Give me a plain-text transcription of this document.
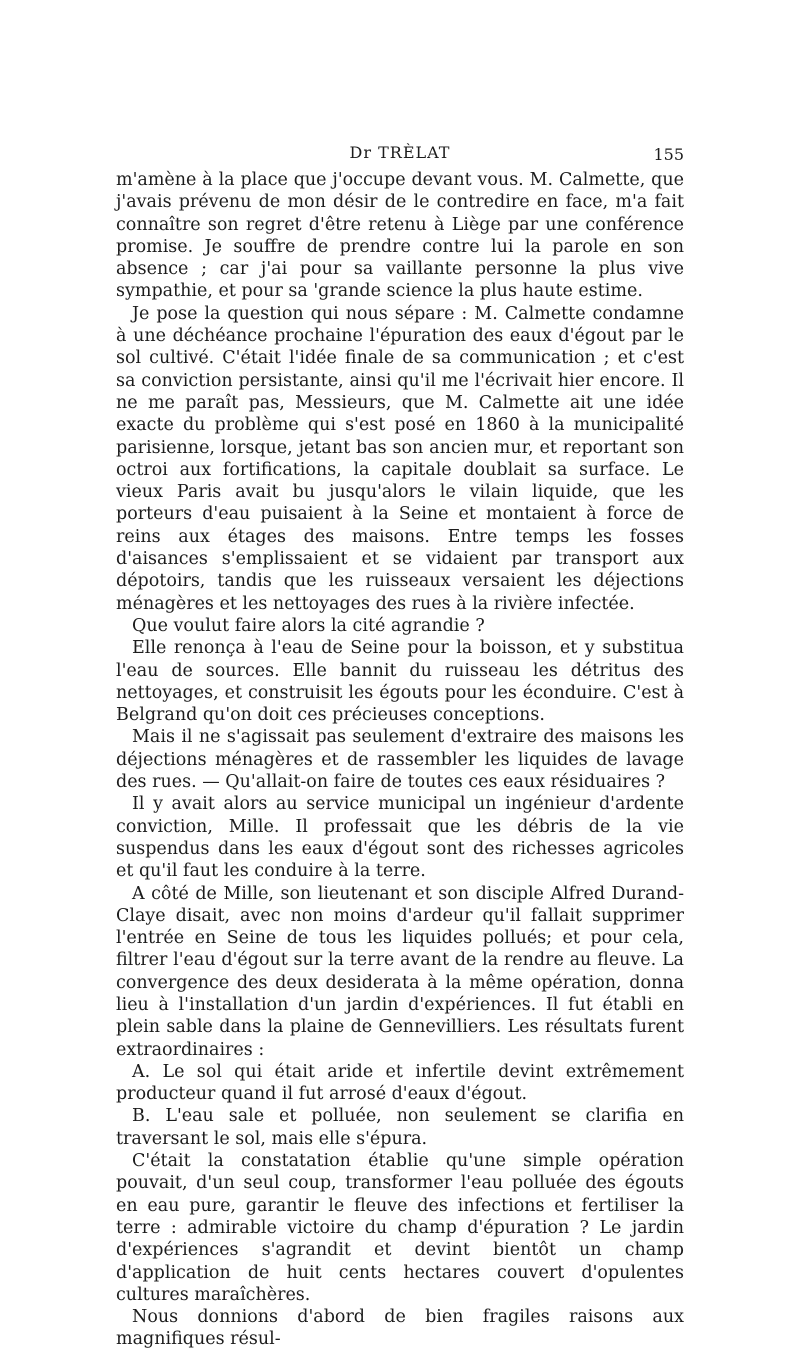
Dr TRÈLAT	155

m'amène à la place que j'occupe devant vous. M. Calmette, que j'avais prévenu de mon désir de le contredire en face, m'a fait connaître son regret d'être retenu à Liège par une conférence promise. Je souffre de prendre contre lui la parole en son absence ; car j'ai pour sa vaillante personne la plus vive sympathie, et pour sa 'grande science la plus haute estime.

Je pose la question qui nous sépare : M. Calmette condamne à une déchéance prochaine l'épuration des eaux d'égout par le sol cultivé. C'était l'idée finale de sa communication ; et c'est sa conviction persistante, ainsi qu'il me l'écrivait hier encore. Il ne me paraît pas, Messieurs, que M. Calmette ait une idée exacte du problème qui s'est posé en 1860 à la municipalité parisienne, lorsque, jetant bas son ancien mur, et reportant son octroi aux fortifications, la capitale doublait sa surface. Le vieux Paris avait bu jusqu'alors le vilain liquide, que les porteurs d'eau puisaient à la Seine et montaient à force de reins aux étages des maisons. Entre temps les fosses d'aisances s'emplissaient et se vidaient par transport aux dépotoirs, tandis que les ruisseaux versaient les déjections ménagères et les nettoyages des rues à la rivière infectée.

Que voulut faire alors la cité agrandie ?

Elle renonça à l'eau de Seine pour la boisson, et y substitua l'eau de sources. Elle bannit du ruisseau les détritus des nettoyages, et construisit les égouts pour les éconduire. C'est à Belgrand qu'on doit ces précieuses conceptions.

Mais il ne s'agissait pas seulement d'extraire des maisons les déjections ménagères et de rassembler les liquides de lavage des rues. — Qu'allait-on faire de toutes ces eaux résiduaires ?

Il y avait alors au service municipal un ingénieur d'ardente conviction, Mille. Il professait que les débris de la vie suspendus dans les eaux d'égout sont des richesses agricoles et qu'il faut les conduire à la terre.

A côté de Mille, son lieutenant et son disciple Alfred Durand-Claye disait, avec non moins d'ardeur qu'il fallait supprimer l'entrée en Seine de tous les liquides pollués; et pour cela, filtrer l'eau d'égout sur la terre avant de la rendre au fleuve. La convergence des deux desiderata à la même opération, donna lieu à l'installation d'un jardin d'expériences. Il fut établi en plein sable dans la plaine de Gennevilliers. Les résultats furent extraordinaires :

A. Le sol qui était aride et infertile devint extrêmement producteur quand il fut arrosé d'eaux d'égout.

B. L'eau sale et polluée, non seulement se clarifia en traversant le sol, mais elle s'épura.

C'était la constatation établie qu'une simple opération pouvait, d'un seul coup, transformer l'eau polluée des égouts en eau pure, garantir le fleuve des infections et fertiliser la terre : admirable victoire du champ d'épuration ? Le jardin d'expériences s'agrandit et devint bientôt un champ d'application de huit cents hectares couvert d'opulentes cultures maraîchères.

Nous donnions d'abord de bien fragiles raisons aux magnifiques résul-
